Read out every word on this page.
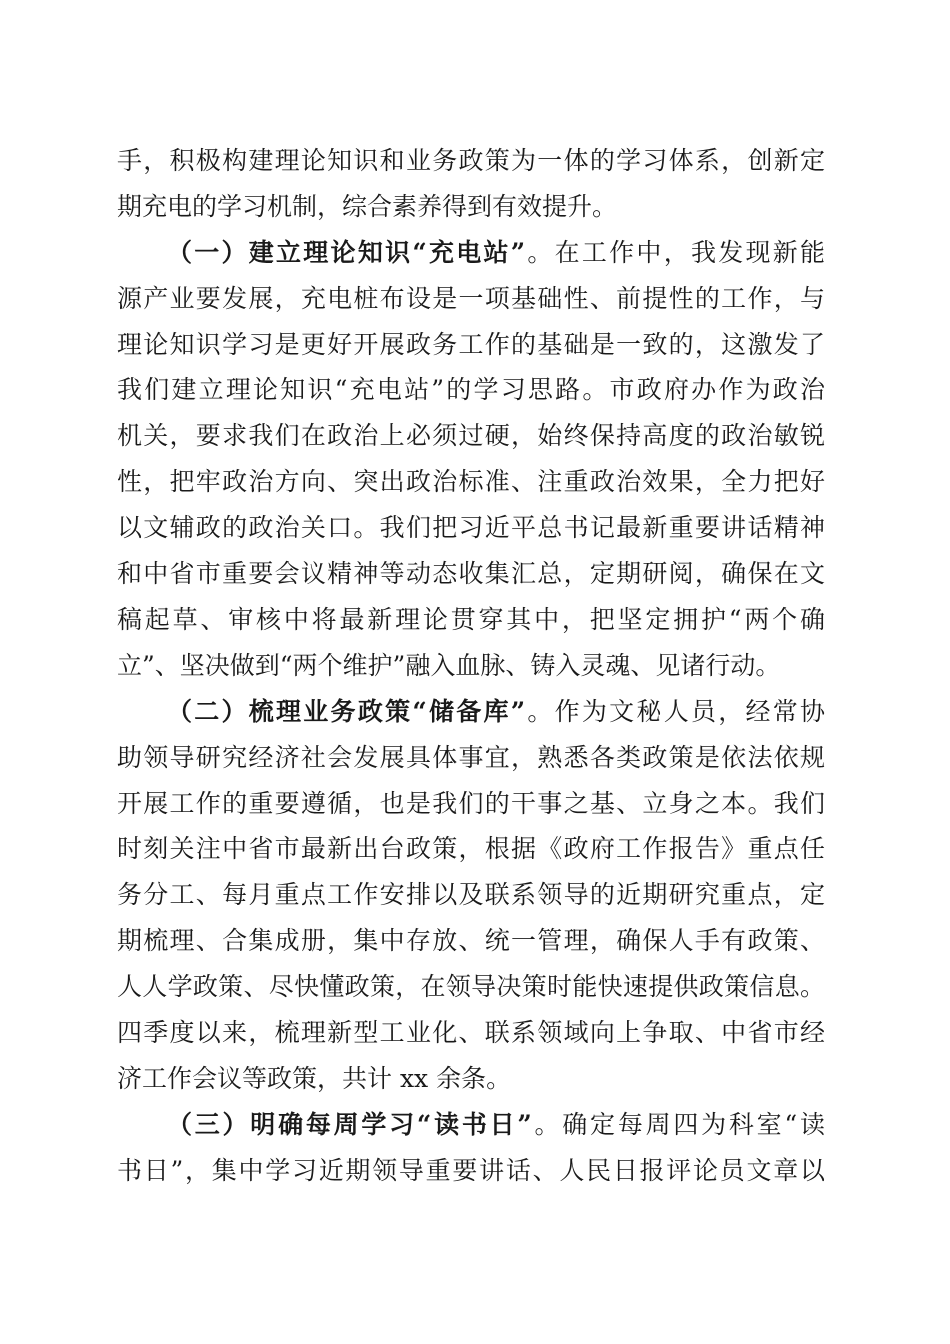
手，积极构建理论知识和业务政策为一体的学习体系，创新定
期充电的学习机制，综合素养得到有效提升。
（一）建立理论知识“充电站”。在工作中，我发现新能
源产业要发展，充电桩布设是一项基础性、前提性的工作，与
理论知识学习是更好开展政务工作的基础是一致的，这激发了
我们建立理论知识“充电站”的学习思路。市政府办作为政治
机关，要求我们在政治上必须过硬，始终保持高度的政治敏锐
性，把牢政治方向、突出政治标准、注重政治效果，全力把好
以文辅政的政治关口。我们把习近平总书记最新重要讲话精神
和中省市重要会议精神等动态收集汇总，定期研阅，确保在文
稿起草、审核中将最新理论贯穿其中，把坚定拥护“两个确
立”、坚决做到“两个维护”融入血脉、铸入灵魂、见诸行动。
（二）梳理业务政策“储备库”。作为文秘人员，经常协
助领导研究经济社会发展具体事宜，熟悉各类政策是依法依规
开展工作的重要遵循，也是我们的干事之基、立身之本。我们
时刻关注中省市最新出台政策，根据《政府工作报告》重点任
务分工、每月重点工作安排以及联系领导的近期研究重点，定
期梳理、合集成册，集中存放、统一管理，确保人手有政策、
人人学政策、尽快懂政策，在领导决策时能快速提供政策信息。
四季度以来，梳理新型工业化、联系领域向上争取、中省市经
济工作会议等政策，共计 xx 余条。
（三）明确每周学习“读书日”。确定每周四为科室“读
书日”，集中学习近期领导重要讲话、人民日报评论员文章以
